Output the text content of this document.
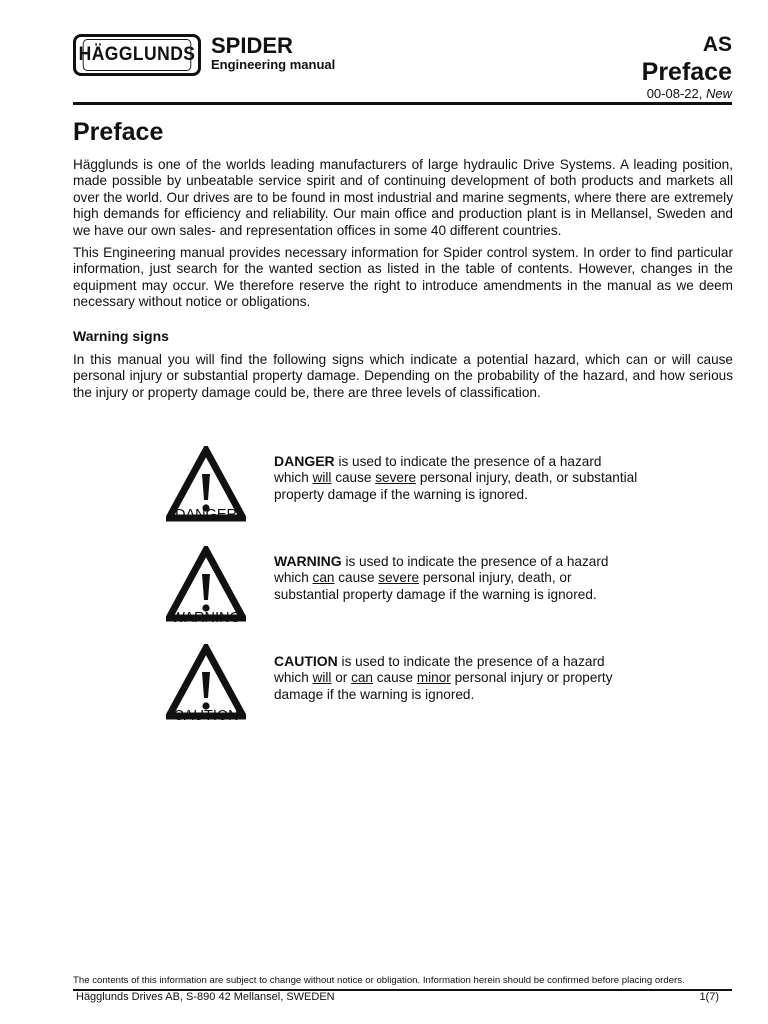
HÄGGLUNDS SPIDER
Engineering manual
AS
Preface
00-08-22, New
Preface

Hägglunds is one of the worlds leading manufacturers of large hydraulic Drive Systems. A leading position, made possible by unbeatable service spirit and of continuing development of both products and markets all over the world. Our drives are to be found in most industrial and marine segments, where there are extremely high demands for efficiency and reliability. Our main office and production plant is in Mellansel, Sweden and we have our own sales- and representation offices in some 40 different countries.

This Engineering manual provides necessary information for Spider control system. In order to find particular information, just search for the wanted section as listed in the table of contents. However, changes in the equipment may occur. We therefore reserve the right to introduce amendments in the manual as we deem necessary without notice or obligations.

Warning signs

In this manual you will find the following signs which indicate a potential hazard, which can or will cause personal injury or substantial property damage. Depending on the probability of the hazard, and how serious the injury or property damage could be, there are three levels of classification.

DANGER

DANGER is used to indicate the presence of a hazard which will cause severe personal injury, death, or substantial property damage if the warning is ignored.

WARNING

WARNING is used to indicate the presence of a hazard which can cause severe personal injury, death, or substantial property damage if the warning is ignored.

CAUTION

CAUTION is used to indicate the presence of a hazard which will or can cause minor personal injury or property damage if the warning is ignored.

The contents of this information are subject to change without notice or obligation. Information herein should be confirmed before placing orders.
Hägglunds Drives AB, S-890 42 Mellansel, SWEDEN	1(7)
